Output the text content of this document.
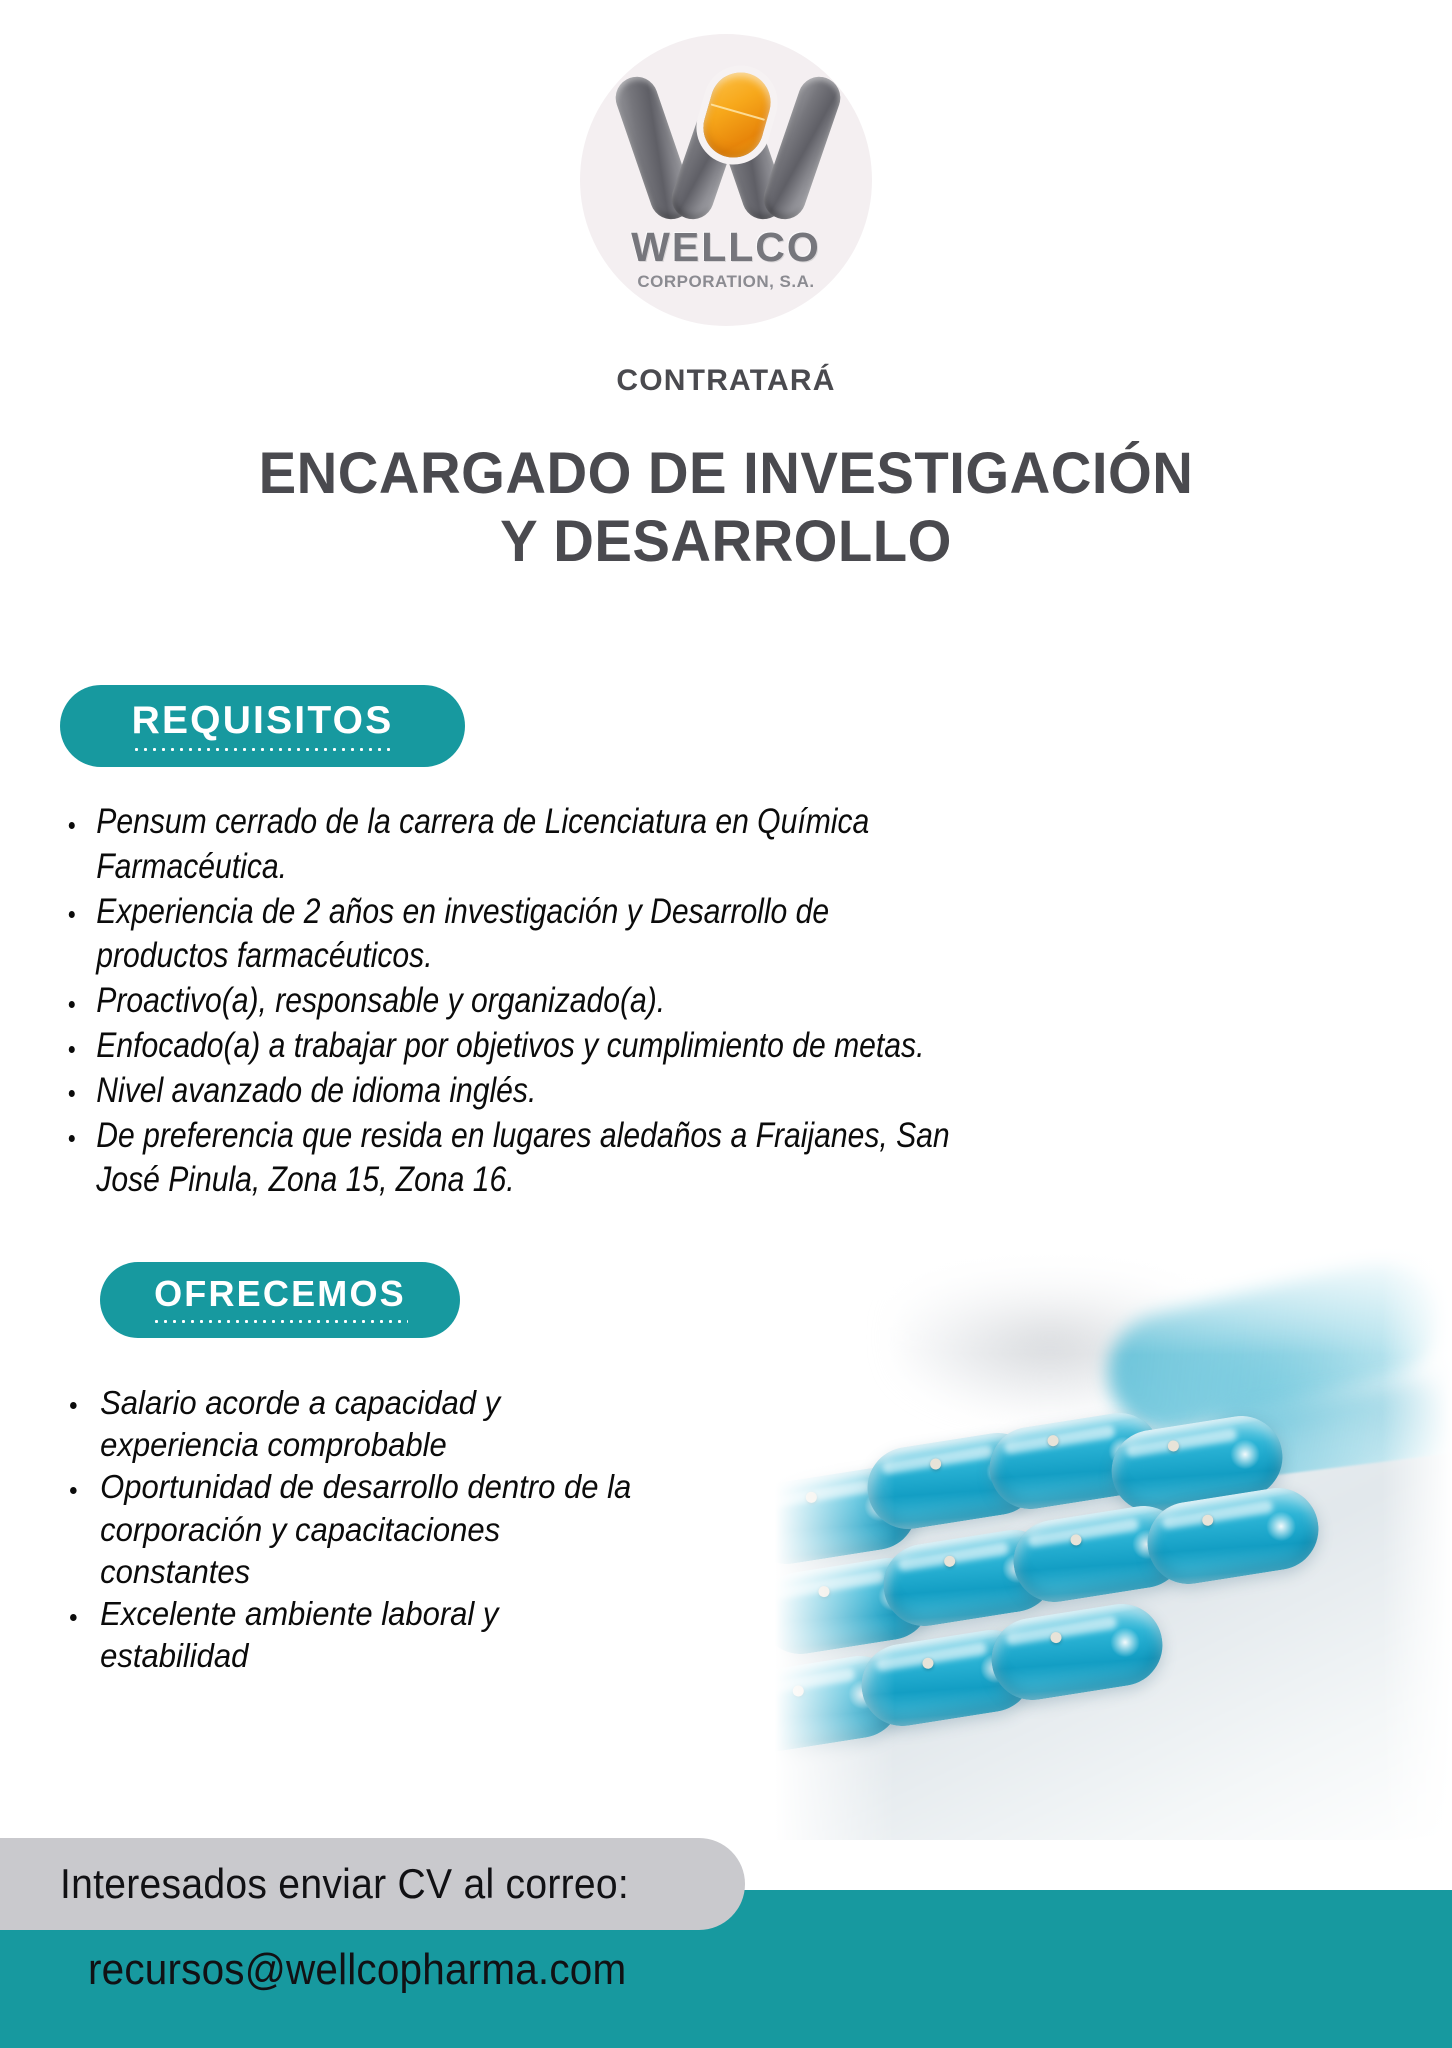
WELLCO
CORPORATION, S.A.
CONTRATARÁ
ENCARGADO DE INVESTIGACIÓN
Y DESARROLLO
REQUISITOS
Pensum cerrado de la carrera de Licenciatura en Química Farmacéutica.
Experiencia de 2 años en investigación y Desarrollo de productos farmacéuticos.
Proactivo(a), responsable y organizado(a).
Enfocado(a) a trabajar por objetivos y cumplimiento de metas.
Nivel avanzado de idioma inglés.
De preferencia que resida en lugares aledaños a Fraijanes, San José Pinula, Zona 15, Zona 16.
OFRECEMOS
Salario acorde a capacidad y experiencia comprobable
Oportunidad de desarrollo dentro de la corporación y capacitaciones constantes
Excelente ambiente laboral y estabilidad
Interesados enviar CV al correo:
recursos@wellcopharma.com
